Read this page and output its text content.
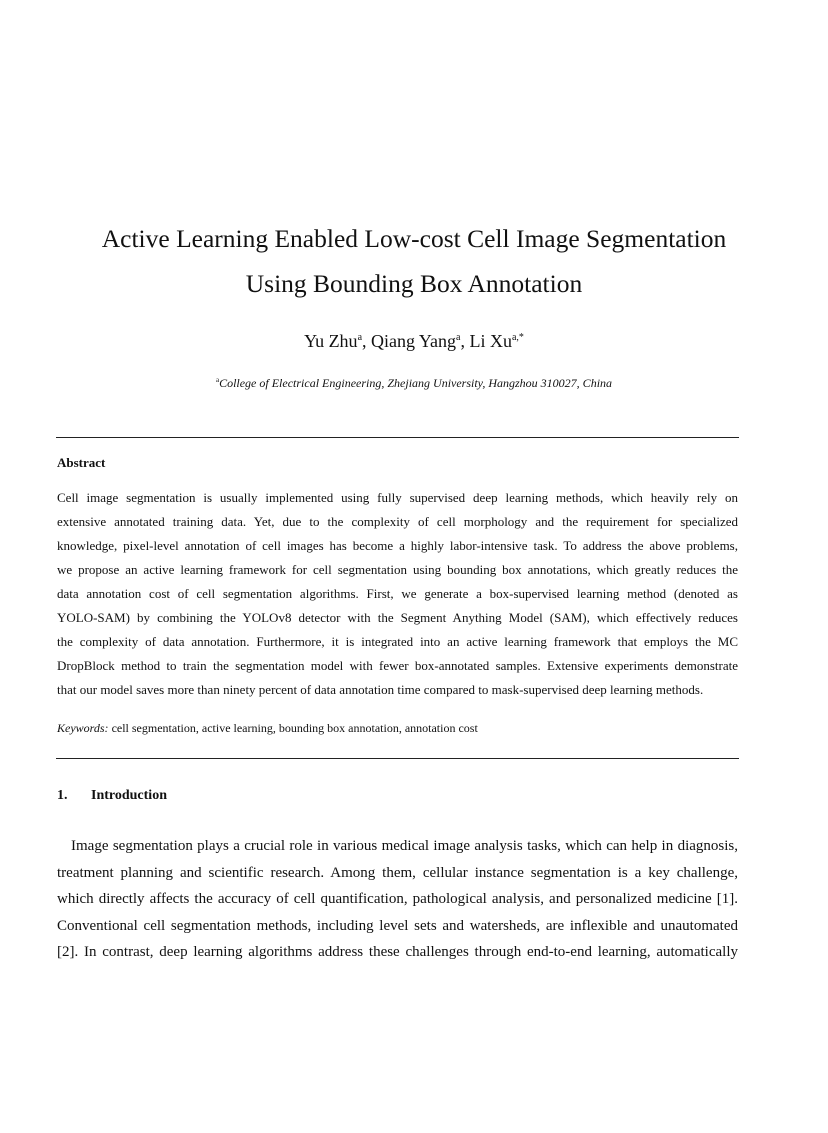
Active Learning Enabled Low-cost Cell Image Segmentation
Using Bounding Box Annotation
Yu Zhu$^a$, Qiang Yang$^a$, Li $Xu^{a,*}$
$^a$College of Electrical Engineering, Zhejiang University, Hangzhou 310027, China
Abstract
Cell image segmentation is usually implemented using fully supervised deep learning methods, which heavily rely on
extensive annotated training data. Yet, due to the complexity of cell morphology and the requirement for specialized
knowledge, pixel-level annotation of cell images has become a highly labor-intensive task. To address the above problems,
we propose an active learning framework for cell segmentation using bounding box annotations, which greatly reduces the
data annotation cost of cell segmentation algorithms. First, we generate a box-supervised learning method (denoted as
YOLO-SAM) by combining the YOLOv8 detector with the Segment Anything Model (SAM), which effectively reduces
the complexity of data annotation. Furthermore, it is integrated into an active learning framework that employs the MC
DropBlock method to train the segmentation model with fewer box-annotated samples. Extensive experiments demonstrate
that our model saves more than ninety percent of data annotation time compared to mask-supervised deep learning methods.
Keywords: cell segmentation, active learning, bounding box annotation, annotation cost
1. Introduction
Image segmentation plays a crucial role in various medical image analysis tasks, which can help in diagnosis,
treatment planning and scientific research. Among them, cellular instance segmentation is a key challenge,
which directly affects the accuracy of cell quantification, pathological analysis, and personalized medicine [1].
Conventional cell segmentation methods, including level sets and watersheds, are inflexible and unautomated
[2]. In contrast, deep learning algorithms address these challenges through end-to-end learning, automatically
